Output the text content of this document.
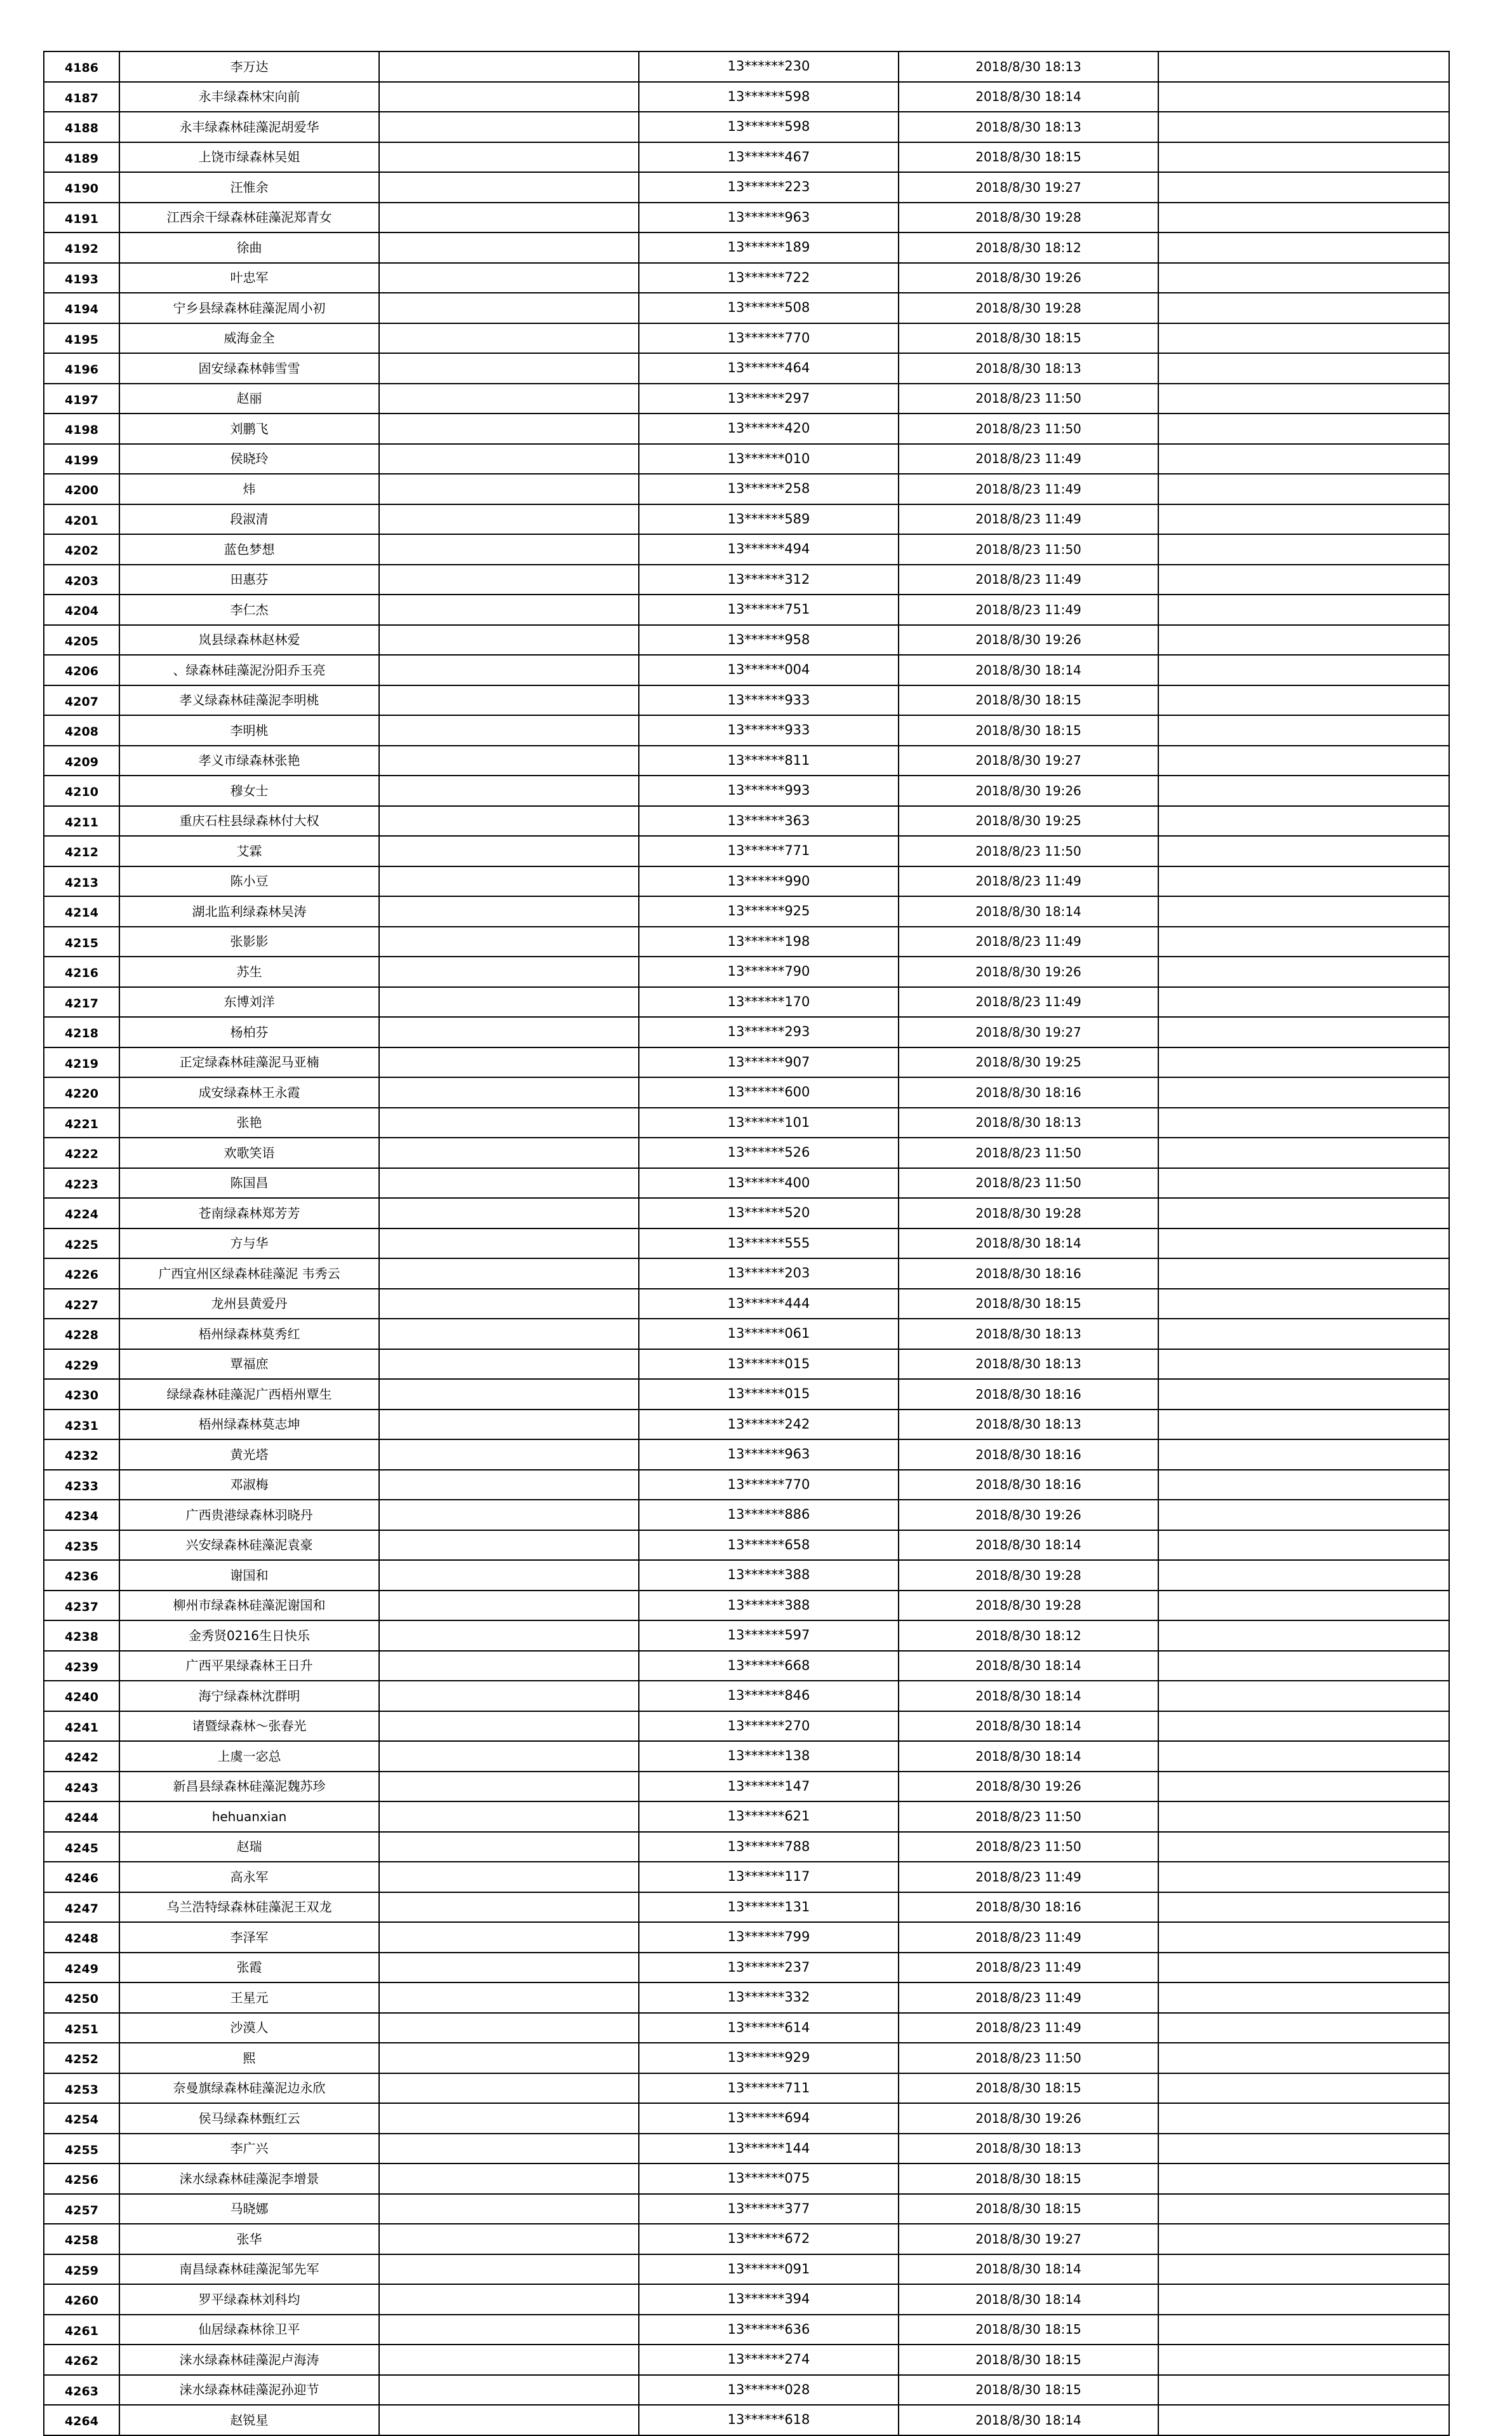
4186	李万达		13******230	2018/8/30 18:13	
4187	永丰绿森林宋向前		13******598	2018/8/30 18:14	
4188	永丰绿森林硅藻泥胡爱华		13******598	2018/8/30 18:13	
4189	上饶市绿森林吴姐		13******467	2018/8/30 18:15	
4190	汪惟余		13******223	2018/8/30 19:27	
4191	江西余干绿森林硅藻泥郑青女		13******963	2018/8/30 19:28	
4192	徐曲		13******189	2018/8/30 18:12	
4193	叶忠军		13******722	2018/8/30 19:26	
4194	宁乡县绿森林硅藻泥周小初		13******508	2018/8/30 19:28	
4195	威海金全		13******770	2018/8/30 18:15	
4196	固安绿森林韩雪雪		13******464	2018/8/30 18:13	
4197	赵丽		13******297	2018/8/23 11:50	
4198	刘鹏飞		13******420	2018/8/23 11:50	
4199	侯晓玲		13******010	2018/8/23 11:49	
4200	炜		13******258	2018/8/23 11:49	
4201	段淑清		13******589	2018/8/23 11:49	
4202	蓝色梦想		13******494	2018/8/23 11:50	
4203	田惠芬		13******312	2018/8/23 11:49	
4204	李仁杰		13******751	2018/8/23 11:49	
4205	岚县绿森林赵林爱		13******958	2018/8/30 19:26	
4206	、绿森林硅藻泥汾阳乔玉亮		13******004	2018/8/30 18:14	
4207	孝义绿森林硅藻泥李明桃		13******933	2018/8/30 18:15	
4208	李明桃		13******933	2018/8/30 18:15	
4209	孝义市绿森林张艳		13******811	2018/8/30 19:27	
4210	穆女士		13******993	2018/8/30 19:26	
4211	重庆石柱县绿森林付大权		13******363	2018/8/30 19:25	
4212	艾霖		13******771	2018/8/23 11:50	
4213	陈小豆		13******990	2018/8/23 11:49	
4214	湖北监利绿森林吴涛		13******925	2018/8/30 18:14	
4215	张影影		13******198	2018/8/23 11:49	
4216	苏生		13******790	2018/8/30 19:26	
4217	东博刘洋		13******170	2018/8/23 11:49	
4218	杨柏芬		13******293	2018/8/30 19:27	
4219	正定绿森林硅藻泥马亚楠		13******907	2018/8/30 19:25	
4220	成安绿森林王永霞		13******600	2018/8/30 18:16	
4221	张艳		13******101	2018/8/30 18:13	
4222	欢歌笑语		13******526	2018/8/23 11:50	
4223	陈国昌		13******400	2018/8/23 11:50	
4224	苍南绿森林郑芳芳		13******520	2018/8/30 19:28	
4225	方与华		13******555	2018/8/30 18:14	
4226	广西宜州区绿森林硅藻泥 韦秀云		13******203	2018/8/30 18:16	
4227	龙州县黄爱丹		13******444	2018/8/30 18:15	
4228	梧州绿森林莫秀红		13******061	2018/8/30 18:13	
4229	覃福庶		13******015	2018/8/30 18:13	
4230	绿绿森林硅藻泥广西梧州覃生		13******015	2018/8/30 18:16	
4231	梧州绿森林莫志坤		13******242	2018/8/30 18:13	
4232	黄光塔		13******963	2018/8/30 18:16	
4233	邓淑梅		13******770	2018/8/30 18:16	
4234	广西贵港绿森林羽晓丹		13******886	2018/8/30 19:26	
4235	兴安绿森林硅藻泥袁豪		13******658	2018/8/30 18:14	
4236	谢国和		13******388	2018/8/30 19:28	
4237	柳州市绿森林硅藻泥谢国和		13******388	2018/8/30 19:28	
4238	金秀贤0216生日快乐		13******597	2018/8/30 18:12	
4239	广西平果绿森林王日升		13******668	2018/8/30 18:14	
4240	海宁绿森林沈群明		13******846	2018/8/30 18:14	
4241	诸暨绿森林～张春光		13******270	2018/8/30 18:14	
4242	上虞一宓总		13******138	2018/8/30 18:14	
4243	新昌县绿森林硅藻泥魏苏珍		13******147	2018/8/30 19:26	
4244	hehuanxian		13******621	2018/8/23 11:50	
4245	赵瑞		13******788	2018/8/23 11:50	
4246	高永军		13******117	2018/8/23 11:49	
4247	乌兰浩特绿森林硅藻泥王双龙		13******131	2018/8/30 18:16	
4248	李泽军		13******799	2018/8/23 11:49	
4249	张霞		13******237	2018/8/23 11:49	
4250	王星元		13******332	2018/8/23 11:49	
4251	沙漠人		13******614	2018/8/23 11:49	
4252	熙		13******929	2018/8/23 11:50	
4253	奈曼旗绿森林硅藻泥边永欣		13******711	2018/8/30 18:15	
4254	侯马绿森林甄红云		13******694	2018/8/30 19:26	
4255	李广兴		13******144	2018/8/30 18:13	
4256	涞水绿森林硅藻泥李增景		13******075	2018/8/30 18:15	
4257	马晓娜		13******377	2018/8/30 18:15	
4258	张华		13******672	2018/8/30 19:27	
4259	南昌绿森林硅藻泥邹先军		13******091	2018/8/30 18:14	
4260	罗平绿森林刘科均		13******394	2018/8/30 18:14	
4261	仙居绿森林徐卫平		13******636	2018/8/30 18:15	
4262	涞水绿森林硅藻泥卢海涛		13******274	2018/8/30 18:15	
4263	涞水绿森林硅藻泥孙迎节		13******028	2018/8/30 18:15	
4264	赵锐星		13******618	2018/8/30 18:14	
